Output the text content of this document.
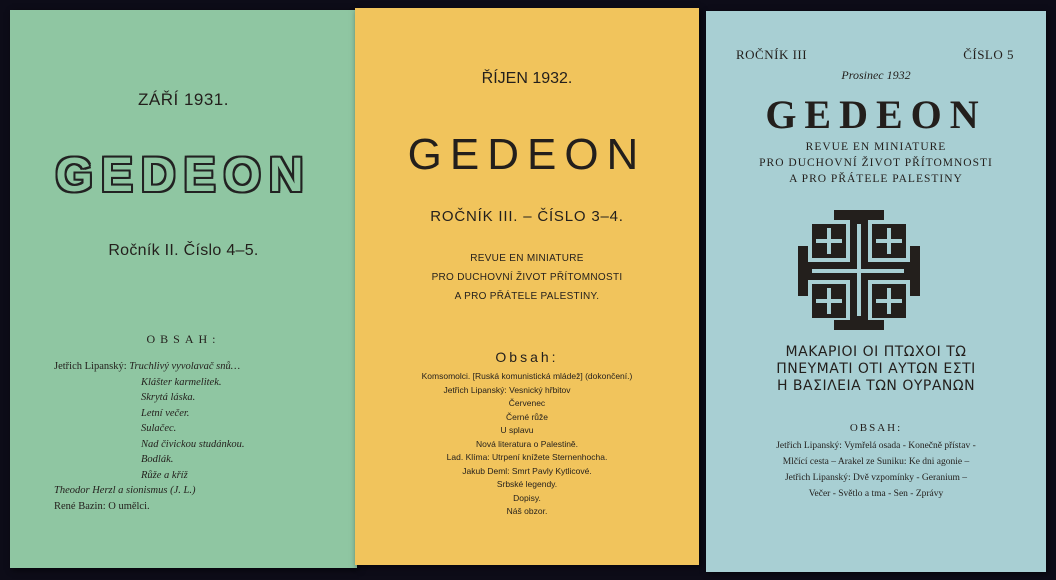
ZÁŘÍ 1931.
GEDEON
Ročník II. Číslo 4–5.
OBSAH:
Jetřich Lipanský: Truchlivý vyvolavač snů…
Klášter karmelitek.
Skrytá láska.
Letní večer.
Sulačec.
Nad čivickou studánkou.
Bodlák.
Růže a kříž
Theodor Herzl a sionismus (J. L.)
René Bazin: O umělci.
ŘÍJEN 1932.
GEDEON
ROČNÍK III. – ČÍSLO 3–4.
REVUE EN MINIATURE
PRO DUCHOVNÍ ŽIVOT PŘÍTOMNOSTI
A PRO PŘÁTELE PALESTINY.
Obsah:
Komsomolci. [Ruská komunistická mládež] (dokončení.)
Jetřich Lipanský: Vesnický hřbitov
Červenec
Černé růže
U splavu
Nová literatura o Palestině.
Lad. Klíma: Utrpení knížete Sternenhocha.
Jakub Deml: Smrt Pavly Kytlicové.
Srbské legendy.
Dopisy.
Náš obzor.
ROČNÍK III	ČÍSLO 5
Prosinec 1932
GEDEON
REVUE EN MINIATURE
PRO DUCHOVNÍ ŽIVOT PŘÍTOMNOSTI
A PRO PŘÁTELE PALESTINY
ΜΑΚΑΡΙΟΙ ΟΙ ΠΤΩΧΟΙ ΤΩ
ΠΝΕΥΜΑΤΙ ΟΤΙ ΑΥΤΩΝ ΕΣΤΙ
Η ΒΑΣΙΛΕΙΑ ΤΩΝ ΟΥΡΑΝΩΝ
OBSAH:
Jetřich Lipanský: Vymřelá osada - Konečně přístav -
Mlčící cesta – Arakel ze Suniku: Ke dni agonie –
Jetřich Lipanský: Dvě vzpomínky - Geranium –
Večer - Světlo a tma - Sen - Zprávy
